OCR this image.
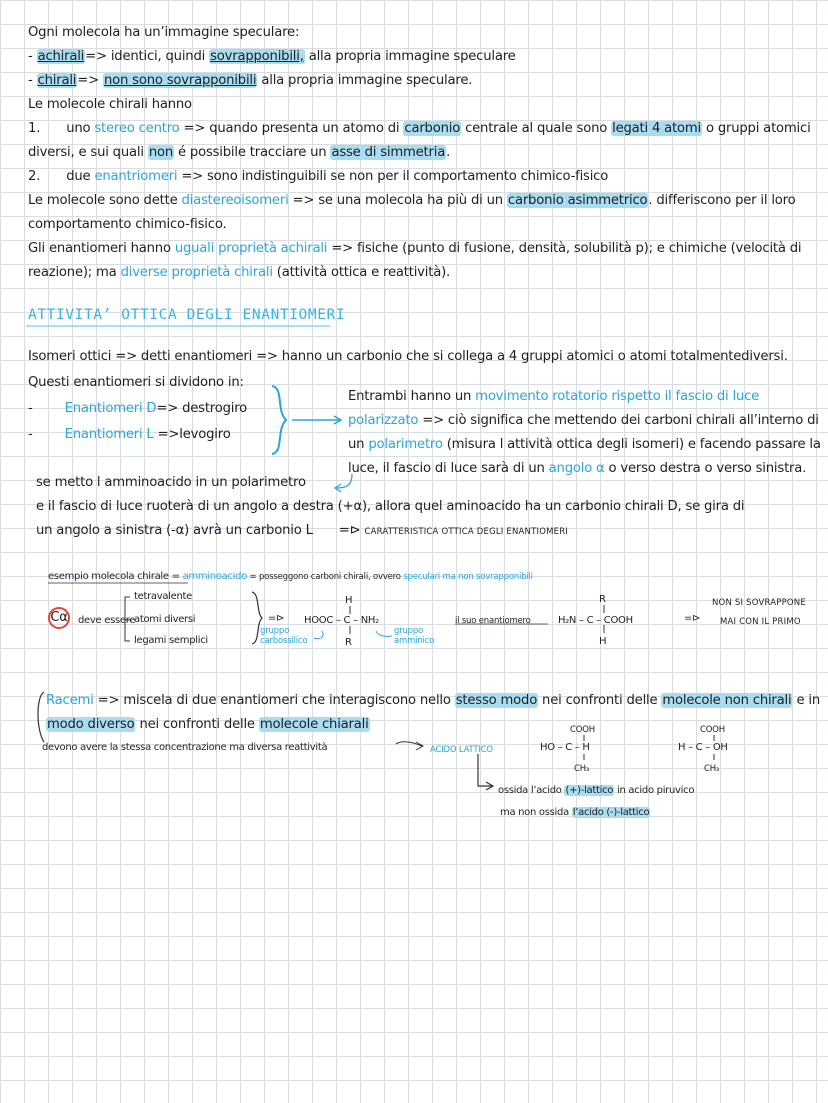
Ogni molecola ha un’immagine speculare:
- achirali=> identici, quindi sovrapponibili, alla propria immagine speculare
- chirali=> non sono sovrapponibili alla propria immagine speculare.
Le molecole chirali hanno
1. uno stereo centro => quando presenta un atomo di carbonio centrale al quale sono legati 4 atomi o gruppi atomici
diversi, e sui quali non é possibile tracciare un asse di simmetria.
2. due enantriomeri => sono indistinguibili se non per il comportamento chimico-fisico
Le molecole sono dette diastereoisomeri => se una molecola ha più di un carbonio asimmetrico. differiscono per il loro
comportamento chimico-fisico.
Gli enantiomeri hanno uguali proprietà achirali => fisiche (punto di fusione, densità, solubilità p); e chimiche (velocità di
reazione); ma diverse proprietà chirali (attività ottica e reattività).
ATTIVITA’ OTTICA DEGLI ENANTIOMERI
Isomeri ottici => detti enantiomeri => hanno un carbonio che si collega a 4 gruppi atomici o atomi totalmentediversi.
Questi enantiomeri si dividono in:
- Enantiomeri D=> destrogiro
- Enantiomeri L =>levogiro
Entrambi hanno un movimento rotatorio rispetto il fascio di luce
polarizzato => ciò significa che mettendo dei carboni chirali all’interno di
un polarimetro (misura l attività ottica degli isomeri) e facendo passare la
luce, il fascio di luce sarà di un angolo α o verso destra o verso sinistra.
se metto l amminoacido in un polarimetro
e il fascio di luce ruoterà di un angolo a destra (+α), allora quel aminoacido ha un carbonio chirali D, se gira di
un angolo a sinistra (-α) avrà un carbonio L =⊳ CARATTERISTICA OTTICA DEGLI ENANTIOMERI
esempio molecola chirale = amminoacido = posseggono carboni chirali, ovvero speculari ma non sovrapponibili
Cα deve essere
tetravalente
atomi diversi
legami semplici
=⊳
gruppo carbossilico
H
HOOC – C – NH₂
R
gruppo amminico
il suo enantiomero
R
H₂N – C – COOH
H
=⊳
NON SI SOVRAPPONE
MAI CON IL PRIMO
Racemi => miscela di due enantiomeri che interagiscono nello stesso modo nei confronti delle molecole non chirali e in
modo diverso nei confronti delle molecole chiarali
devono avere la stessa concentrazione ma diversa reattività	ACIDO LATTICO
COOH
HO – C – H
CH₃
COOH
H – C – OH
CH₃
ossida l’acido (+)-lattico in acido piruvico
ma non ossida l’acido (-)-lattico
